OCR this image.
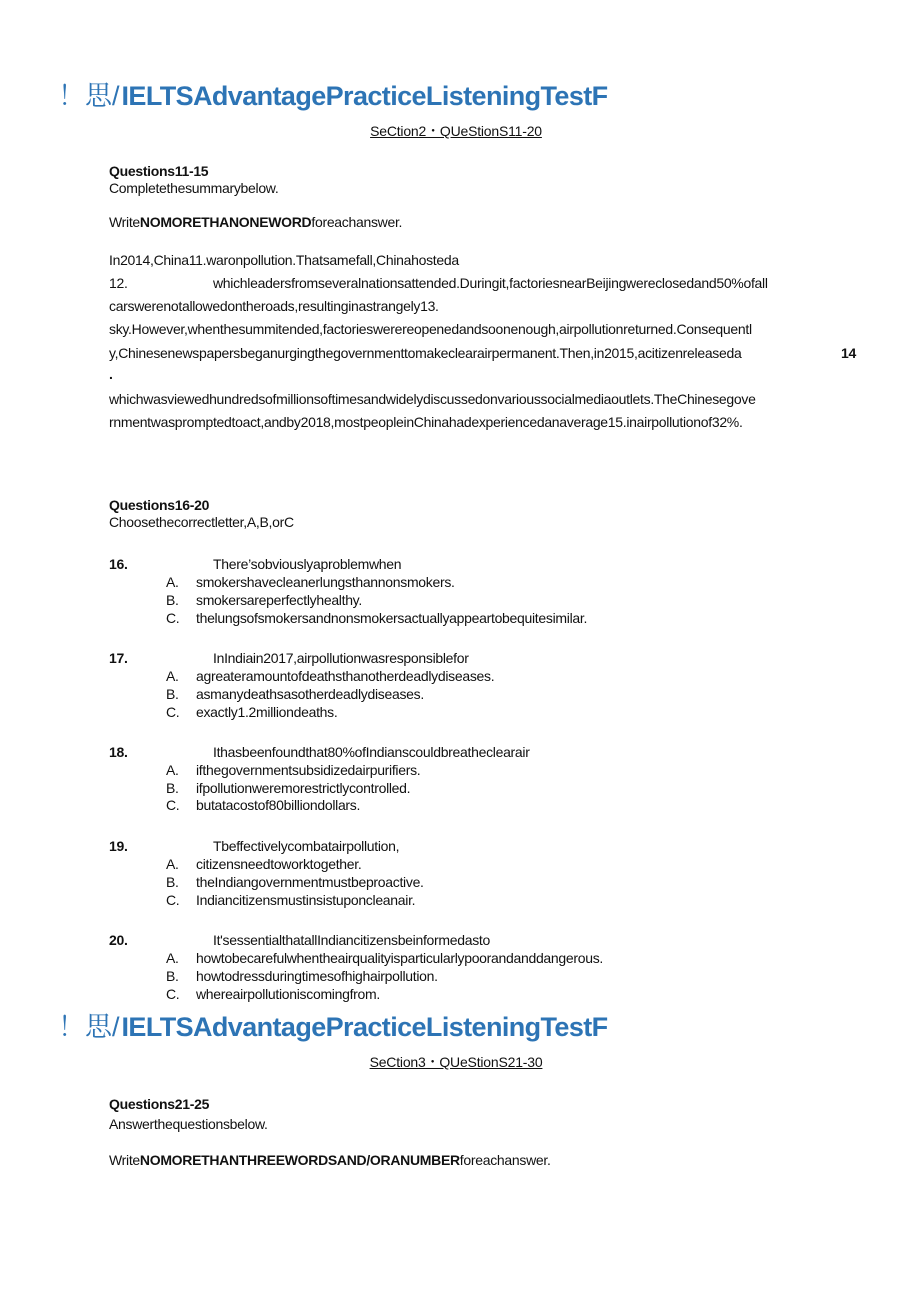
！思/IELTSAdvantagePracticeListeningTestF
SeCtion2・QUeStionS11-20
Questions11-15
Completethesummarybelow.
WriteNOMORETHANONEWORDforeachanswer.
In2014,China11.waronpollution.Thatsamefall,Chinahosteda
12.	whichleadersfromseveralnationsattended.Duringit,factoriesnearBeijingwereclosedand50%ofall
carswerenotallowedontheroads,resultinginastrangely13.
sky.However,whenthesummitended,factorieswerereopenedandsoonenough,airpollutionreturned.Consequentl
y,Chinesenewspapersbeganurgingthegovernmenttomakeclearairpermanent.Then,in2015,acitizenreleaseda	14
.
whichwasviewedhundredsofmillionsoftimesandwidelydiscussedonvarioussocialmediaoutlets.TheChinesegove
rnmentwaspromptedtoact,andby2018,mostpeopleinChinahadexperiencedanaverage15.inairpollutionof32%.
Questions16-20
Choosethecorrectletter,A,B,orC
16.	There’sobviouslyaproblemwhen
A. smokershavecleanerlungsthannonsmokers.
B. smokersareperfectlyhealthy.
C. thelungsofsmokersandnonsmokersactuallyappeartobequitesimilar.
17.	InIndiain2017,airpollutionwasresponsiblefor
A. agreateramountofdeathsthanotherdeadlydiseases.
B. asmanydeathsasotherdeadlydiseases.
C. exactly1.2milliondeaths.
18.	Ithasbeenfoundthat80%ofIndianscouldbreatheclearair
A. ifthegovernmentsubsidizedairpurifiers.
B. ifpollutionweremorestrictlycontrolled.
C. butatacostof80billiondollars.
19.	Tbeffectivelycombatairpollution,
A. citizensneedtoworktogether.
B. theIndiangovernmentmustbeproactive.
C. Indiancitizensmustinsistuponcleanair.
20.	It'sessentialthatallIndiancitizensbeinformedasto
A. howtobecarefulwhentheairqualityisparticularlypoorandanddangerous.
B. howtodressduringtimesofhighairpollution.
C. whereairpollutioniscomingfrom.
！思/IELTSAdvantagePracticeListeningTestF
SeCtion3・QUeStionS21-30
Questions21-25
Answerthequestionsbelow.
WriteNOMORETHANTHREEWORDSAND/ORANUMBERforeachanswer.
